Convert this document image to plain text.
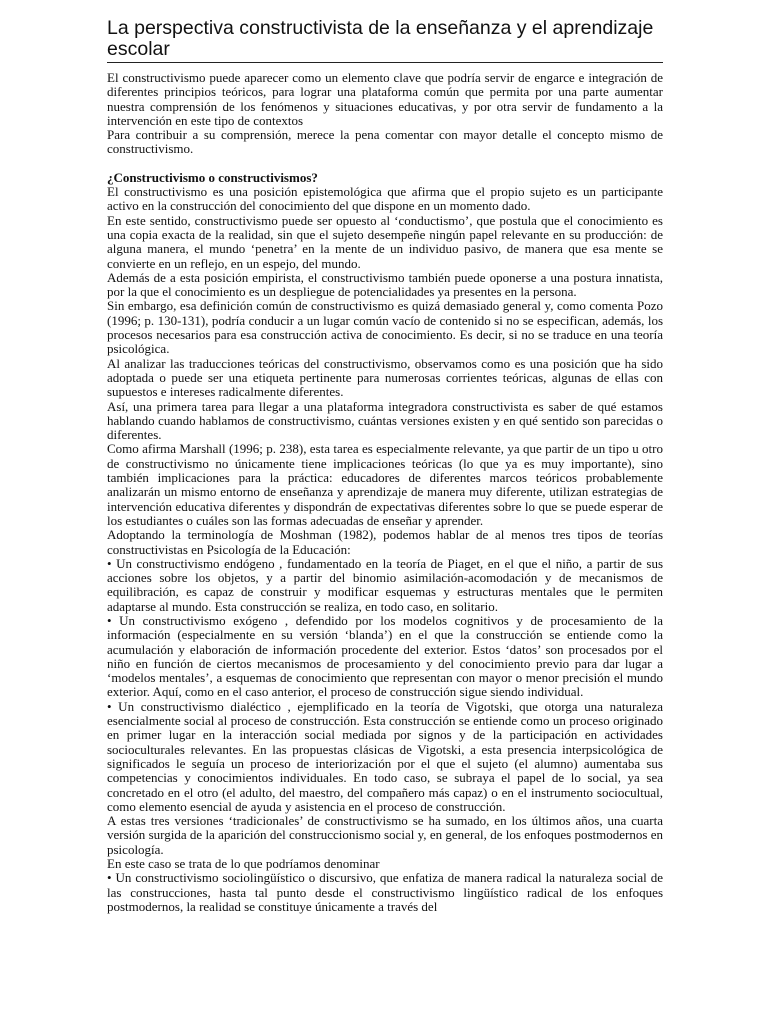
La perspectiva constructivista de la enseñanza y el aprendizaje escolar

El constructivismo puede aparecer como un elemento clave que podría servir de engarce e integración de diferentes principios teóricos, para lograr una plataforma común que permita por una parte aumentar nuestra comprensión de los fenómenos y situaciones educativas, y por otra servir de fundamento a la intervención en este tipo de contextos

Para contribuir a su comprensión, merece la pena comentar con mayor detalle el concepto mismo de constructivismo.

¿Constructivismo o constructivismos?

El constructivismo es una posición epistemológica que afirma que el propio sujeto es un participante activo en la construcción del conocimiento del que dispone en un momento dado.

En este sentido, constructivismo puede ser opuesto al ‘conductismo’, que postula que el conocimiento es una copia exacta de la realidad, sin que el sujeto desempeñe ningún papel relevante en su producción: de alguna manera, el mundo ‘penetra’ en la mente de un individuo pasivo, de manera que esa mente se convierte en un reflejo, en un espejo, del mundo.

Además de a esta posición empirista, el constructivismo también puede oponerse a una postura innatista, por la que el conocimiento es un despliegue de potencialidades ya presentes en la persona.

Sin embargo, esa definición común de constructivismo es quizá demasiado general y, como comenta Pozo (1996; p. 130-131), podría conducir a un lugar común vacío de contenido si no se especifican, además, los procesos necesarios para esa construcción activa de conocimiento. Es decir, si no se traduce en una teoría psicológica.

Al analizar las traducciones teóricas del constructivismo, observamos como es una posición que ha sido adoptada o puede ser una etiqueta pertinente para numerosas corrientes teóricas, algunas de ellas con supuestos e intereses radicalmente diferentes.

Así, una primera tarea para llegar a una plataforma integradora constructivista es saber de qué estamos hablando cuando hablamos de constructivismo, cuántas versiones existen y en qué sentido son parecidas o diferentes.

Como afirma Marshall (1996; p. 238), esta tarea es especialmente relevante, ya que partir de un tipo u otro de constructivismo no únicamente tiene implicaciones teóricas (lo que ya es muy importante), sino también implicaciones para la práctica: educadores de diferentes marcos teóricos probablemente analizarán un mismo entorno de enseñanza y aprendizaje de manera muy diferente, utilizan estrategias de intervención educativa diferentes y dispondrán de expectativas diferentes sobre lo que se puede esperar de los estudiantes o cuáles son las formas adecuadas de enseñar y aprender.

Adoptando la terminología de Moshman (1982), podemos hablar de al menos tres tipos de teorías constructivistas en Psicología de la Educación:

• Un constructivismo endógeno , fundamentado en la teoría de Piaget, en el que el niño, a partir de sus acciones sobre los objetos, y a partir del binomio asimilación-acomodación y de mecanismos de equilibración, es capaz de construir y modificar esquemas y estructuras mentales que le permiten adaptarse al mundo. Esta construcción se realiza, en todo caso, en solitario.

• Un constructivismo exógeno , defendido por los modelos cognitivos y de procesamiento de la información (especialmente en su versión ‘blanda’) en el que la construcción se entiende como la acumulación y elaboración de información procedente del exterior. Estos ‘datos’ son procesados por el niño en función de ciertos mecanismos de procesamiento y del conocimiento previo para dar lugar a ‘modelos mentales’, a esquemas de conocimiento que representan con mayor o menor precisión el mundo exterior. Aquí, como en el caso anterior, el proceso de construcción sigue siendo individual.

• Un constructivismo dialéctico , ejemplificado en la teoría de Vigotski, que otorga una naturaleza esencialmente social al proceso de construcción. Esta construcción se entiende como un proceso originado en primer lugar en la interacción social mediada por signos y de la participación en actividades socioculturales relevantes. En las propuestas clásicas de Vigotski, a esta presencia interpsicológica de significados le seguía un proceso de interiorización por el que el sujeto (el alumno) aumentaba sus competencias y conocimientos individuales. En todo caso, se subraya el papel de lo social, ya sea concretado en el otro (el adulto, del maestro, del compañero más capaz) o en el instrumento sociocultual, como elemento esencial de ayuda y asistencia en el proceso de construcción.

A estas tres versiones ‘tradicionales’ de constructivismo se ha sumado, en los últimos años, una cuarta versión surgida de la aparición del construccionismo social y, en general, de los enfoques postmodernos en psicología.

En este caso se trata de lo que podríamos denominar

• Un constructivismo sociolingüístico o discursivo, que enfatiza de manera radical la naturaleza social de las construcciones, hasta tal punto desde el constructivismo lingüístico radical de los enfoques postmodernos, la realidad se constituye únicamente a través del
